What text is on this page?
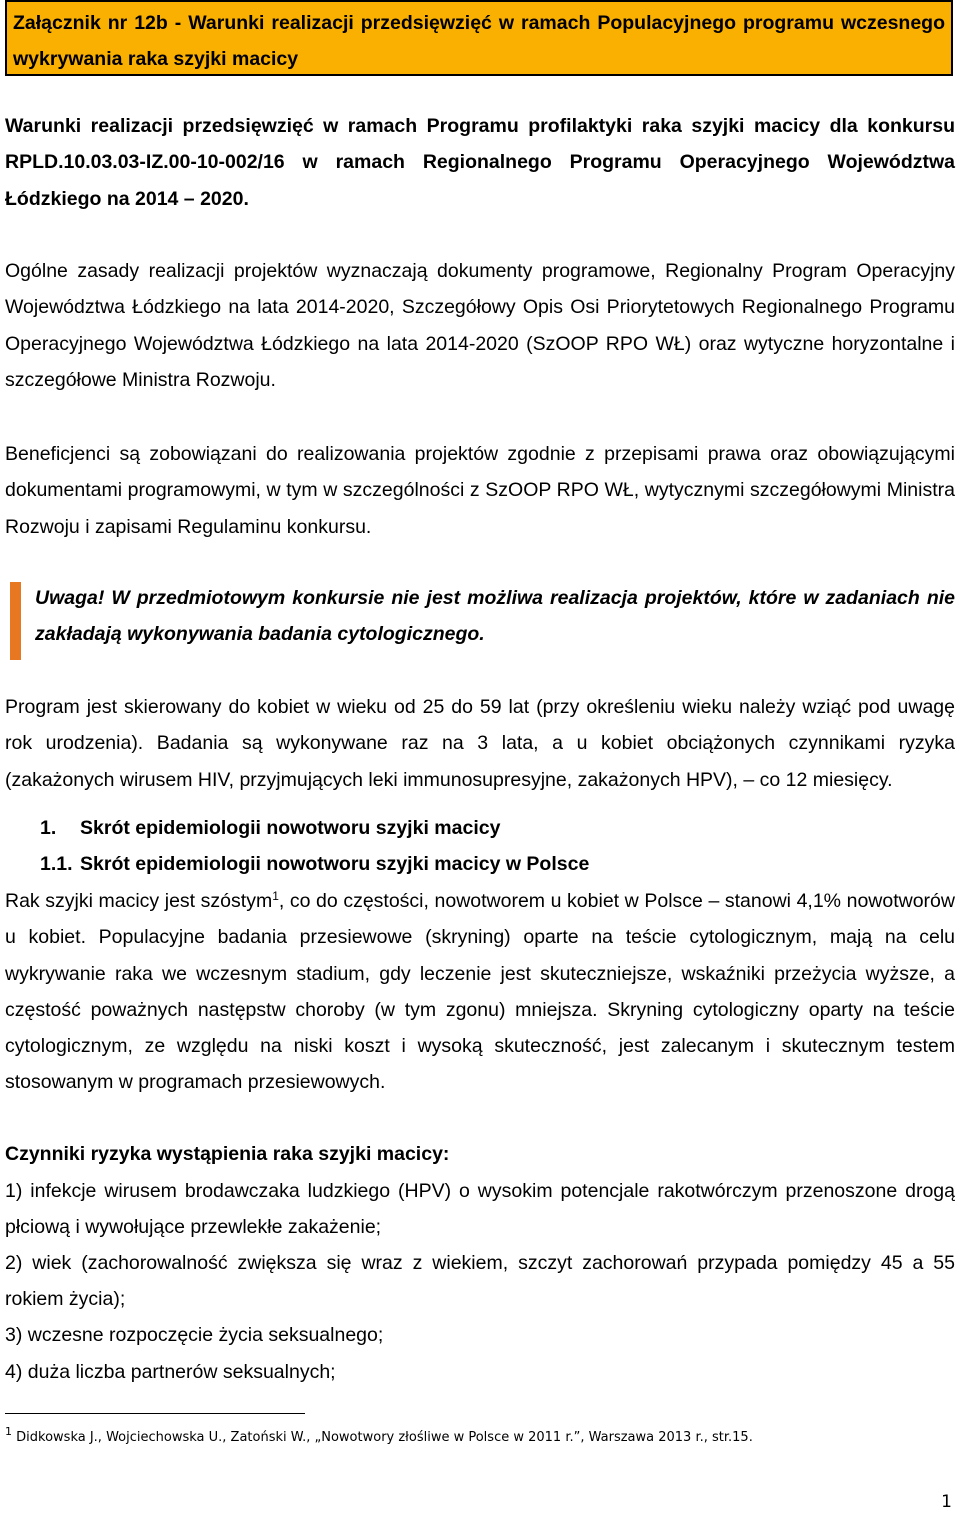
Załącznik nr 12b - Warunki realizacji przedsięwzięć w ramach Populacyjnego programu wczesnego wykrywania raka szyjki macicy

Warunki realizacji przedsięwzięć w ramach Programu profilaktyki raka szyjki macicy dla konkursu RPLD.10.03.03-IZ.00-10-002/16 w ramach Regionalnego Programu Operacyjnego Województwa Łódzkiego na 2014 – 2020.

Ogólne zasady realizacji projektów wyznaczają dokumenty programowe, Regionalny Program Operacyjny Województwa Łódzkiego na lata 2014-2020, Szczegółowy Opis Osi Priorytetowych Regionalnego Programu Operacyjnego Województwa Łódzkiego na lata 2014-2020 (SzOOP RPO WŁ) oraz wytyczne horyzontalne i szczegółowe Ministra Rozwoju.

Beneficjenci są zobowiązani do realizowania projektów zgodnie z przepisami prawa oraz obowiązującymi dokumentami programowymi, w tym w szczególności z SzOOP RPO WŁ, wytycznymi szczegółowymi Ministra Rozwoju i zapisami Regulaminu konkursu.

Uwaga! W przedmiotowym konkursie nie jest możliwa realizacja projektów, które w zadaniach nie zakładają wykonywania badania cytologicznego.

Program jest skierowany do kobiet w wieku od 25 do 59 lat (przy określeniu wieku należy wziąć pod uwagę rok urodzenia). Badania są wykonywane raz na 3 lata, a u kobiet obciążonych czynnikami ryzyka (zakażonych wirusem HIV, przyjmujących leki immunosupresyjne, zakażonych HPV), – co 12 miesięcy.

1. Skrót epidemiologii nowotworu szyjki macicy
1.1. Skrót epidemiologii nowotworu szyjki macicy w Polsce

Rak szyjki macicy jest szóstym$^1$, co do częstości, nowotworem u kobiet w Polsce – stanowi 4,1% nowotworów u kobiet. Populacyjne badania przesiewowe (skryning) oparte na teście cytologicznym, mają na celu wykrywanie raka we wczesnym stadium, gdy leczenie jest skuteczniejsze, wskaźniki przeżycia wyższe, a częstość poważnych następstw choroby (w tym zgonu) mniejsza. Skryning cytologiczny oparty na teście cytologicznym, ze względu na niski koszt i wysoką skuteczność, jest zalecanym i skutecznym testem stosowanym w programach przesiewowych.

Czynniki ryzyka wystąpienia raka szyjki macicy:

1) infekcje wirusem brodawczaka ludzkiego (HPV) o wysokim potencjale rakotwórczym przenoszone drogą płciową i wywołujące przewlekłe zakażenie;

2) wiek (zachorowalność zwiększa się wraz z wiekiem, szczyt zachorowań przypada pomiędzy 45 a 55 rokiem życia);

3) wczesne rozpoczęcie życia seksualnego;

4) duża liczba partnerów seksualnych;

$^1$ Didkowska J., Wojciechowska U., Zatoński W., „Nowotwory złośliwe w Polsce w 2011 r.”, Warszawa 2013 r., str.15.

1
